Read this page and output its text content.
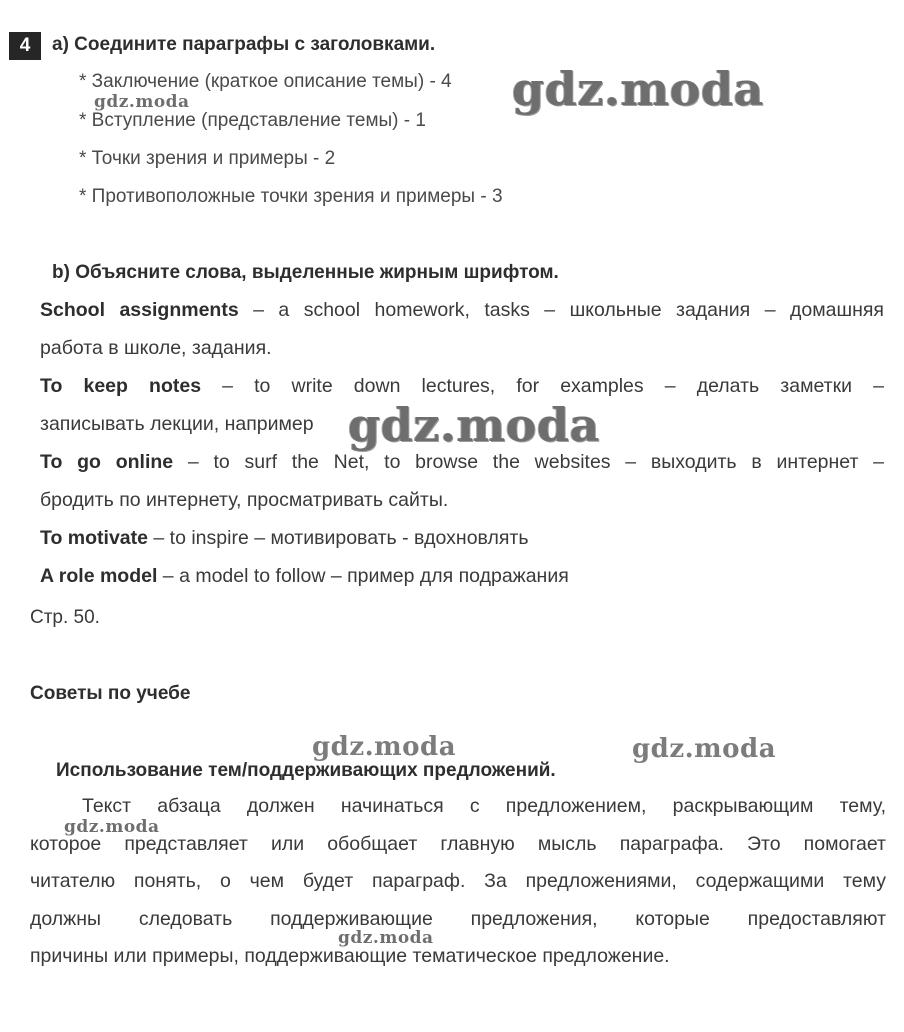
4	a) Соедините параграфы с заголовками.
* Заключение (краткое описание темы) - 4
* Вступление (представление темы) - 1
* Точки зрения и примеры - 2
* Противоположные точки зрения и примеры - 3
b) Объясните слова, выделенные жирным шрифтом.
School assignments – a school homework, tasks – школьные задания – домашняя
работа в школе, задания.
To keep notes – to write down lectures, for examples – делать заметки –
записывать лекции, например
To go online – to surf the Net, to browse the websites – выходить в интернет –
бродить по интернету, просматривать сайты.
To motivate – to inspire – мотивировать - вдохновлять
A role model – a model to follow – пример для подражания
Стр. 50.
Советы по учебе
Использование тем/поддерживающих предложений.
Текст абзаца должен начинаться с предложением, раскрывающим тему,
которое представляет или обобщает главную мысль параграфа. Это помогает
читателю понять, о чем будет параграф. За предложениями, содержащими тему
должны следовать поддерживающие предложения, которые предоставляют
причины или примеры, поддерживающие тематическое предложение.
gdz.moda
gdz.moda
gdz.moda
gdz.moda	gdz.moda
gdz.moda
gdz.moda
